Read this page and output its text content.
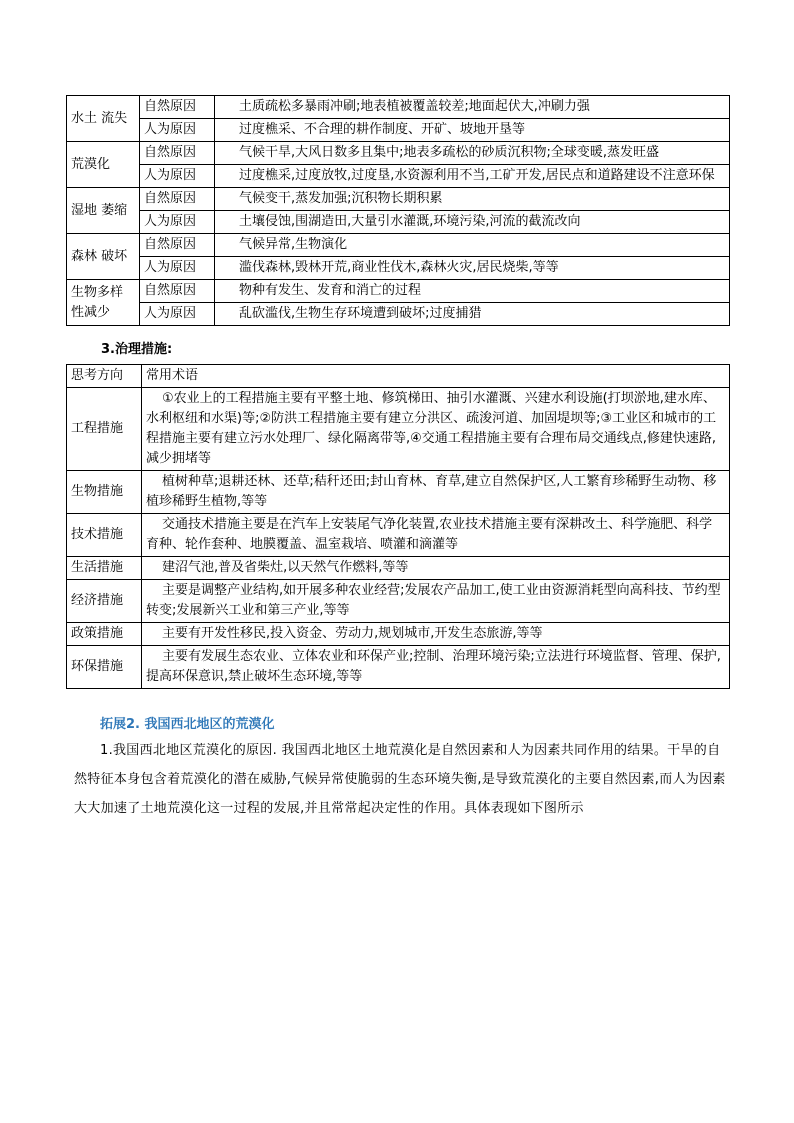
水土 流失	自然原因	土质疏松多暴雨冲刷;地表植被覆盖较差;地面起伏大,冲刷力强
	人为原因	过度樵采、不合理的耕作制度、开矿、坡地开垦等
荒漠化	自然原因	气候干旱,大风日数多且集中;地表多疏松的砂质沉积物;全球变暖,蒸发旺盛
	人为原因	过度樵采,过度放牧,过度垦,水资源利用不当,工矿开发,居民点和道路建设不注意环保
湿地 萎缩	自然原因	气候变干,蒸发加强;沉积物长期积累
	人为原因	土壤侵蚀,围湖造田,大量引水灌溉,环境污染,河流的截流改向
森林 破坏	自然原因	气候异常,生物演化
	人为原因	滥伐森林,毁林开荒,商业性伐木,森林火灾,居民烧柴,等等
生物多样 性减少	自然原因	物种有发生、发育和消亡的过程
	人为原因	乱砍滥伐,生物生存环境遭到破坏;过度捕猎
3.治理措施:
思考方向	常用术语
工程措施	①农业上的工程措施主要有平整土地、修筑梯田、抽引水灌溉、兴建水利设施(打坝淤地,建水库、水利枢纽和水渠)等;②防洪工程措施主要有建立分洪区、疏浚河道、加固堤坝等;③工业区和城市的工程措施主要有建立污水处理厂、绿化隔离带等,④交通工程措施主要有合理布局交通线点,修建快速路,减少拥堵等
生物措施	植树种草;退耕还林、还草;秸秆还田;封山育林、育草,建立自然保护区,人工繁育珍稀野生动物、移植珍稀野生植物,等等
技术措施	交通技术措施主要是在汽车上安装尾气净化装置,农业技术措施主要有深耕改土、科学施肥、科学育种、轮作套种、地膜覆盖、温室栽培、喷灌和滴灌等
生活措施	建沼气池,普及省柴灶,以天然气作燃料,等等
经济措施	主要是调整产业结构,如开展多种农业经营;发展农产品加工,使工业由资源消耗型向高科技、节约型转变;发展新兴工业和第三产业,等等
政策措施	主要有开发性移民,投入资金、劳动力,规划城市,开发生态旅游,等等
环保措施	主要有发展生态农业、立体农业和环保产业;控制、治理环境污染;立法进行环境监督、管理、保护,提高环保意识,禁止破坏生态环境,等等
拓展2. 我国西北地区的荒漠化
1.我国西北地区荒漠化的原因. 我国西北地区土地荒漠化是自然因素和人为因素共同作用的结果。干旱的自然特征本身包含着荒漠化的潜在威胁,气候异常使脆弱的生态环境失衡,是导致荒漠化的主要自然因素,而人为因素大大加速了土地荒漠化这一过程的发展,并且常常起决定性的作用。具体表现如下图所示
